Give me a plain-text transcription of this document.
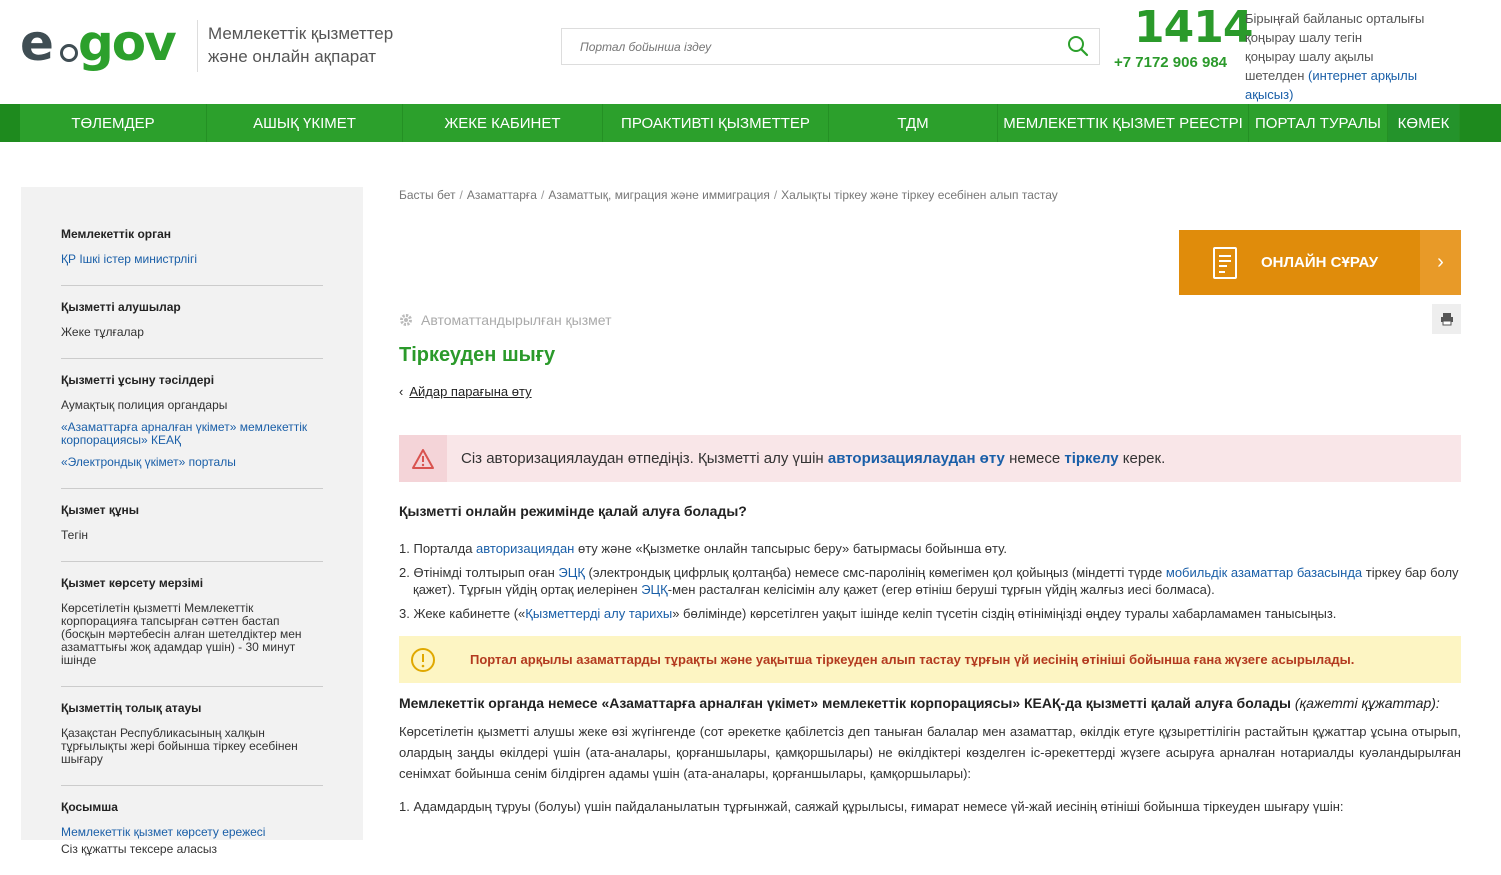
e gov Мемлекеттік қызметтер
және онлайн ақпарат
Портал бойынша іздеу
1414
+7 7172 906 984
Бірыңғай байланыс орталығы
қоңырау шалу тегін
қоңырау шалу ақылы
шетелден (интернет арқылы ақысыз)
ТӨЛЕМДЕР	АШЫҚ ҮКІМЕТ	ЖЕКЕ КАБИНЕТ	ПРОАКТИВТІ ҚЫЗМЕТТЕР	ТДМ	МЕМЛЕКЕТТІК ҚЫЗМЕТ РЕЕСТРІ ПОРТАЛ ТУРАЛЫ	КӨМЕК
Мемлекеттік орган
ҚР Ішкі істер министрлігі
Қызметті алушылар
Жеке тұлғалар
Қызметті ұсыну тәсілдері
Аумақтық полиция органдары
«Азаматтарға арналған үкімет» мемлекеттік корпорациясы» КЕАҚ
«Электрондық үкімет» порталы
Қызмет құны
Тегін
Қызмет көрсету мерзімі
Көрсетілетін қызметті Мемлекеттік корпорацияға тапсырған сәттен бастап (босқын мәртебесін алған шетелдіктер мен азаматтығы жоқ адамдар үшін) - 30 минут ішінде
Қызметтің толық атауы
Қазақстан Республикасының халқын тұрғылықты жері бойынша тіркеу есебінен шығару
Қосымша
Мемлекеттік қызмет көрсету ережесі
Сіз құжатты тексере аласыз
Басты бет / Азаматтарға / Азаматтық, миграция және иммиграция / Халықты тіркеу және тіркеу есебінен алып тастау
ОНЛАЙН СҰРАУ	›
Автоматтандырылған қызмет
Тіркеуден шығу
‹ Айдар парағына өту
Сіз авторизациялаудан өтпедіңіз. Қызметті алу үшін авторизациялаудан өту немесе тіркелу керек.
Қызметті онлайн режимінде қалай алуға болады?
1. Порталда авторизациядан өту және «Қызметке онлайн тапсырыс беру» батырмасы бойынша өту.
2. Өтінімді толтырып оған ЭЦҚ (электрондық цифрлық қолтаңба) немесе смс-паролінің көмегімен қол қойыңыз (міндетті түрде мобильдік азаматтар базасында тіркеу бар болу қажет). Тұрғын үйдің ортақ иелерінен ЭЦҚ-мен расталған келісімін алу қажет (егер өтініш беруші тұрғын үйдің жалғыз иесі болмаса).
3. Жеке кабинетте («Қызметтерді алу тарихы» бөлімінде) көрсетілген уақыт ішінде келіп түсетін сіздің өтініміңізді өңдеу туралы хабарламамен танысыңыз.
Портал арқылы азаматтарды тұрақты және уақытша тіркеуден алып тастау тұрғын үй иесінің өтініші бойынша ғана жүзеге асырылады.
Мемлекеттік органда немесе «Азаматтарға арналған үкімет» мемлекеттік корпорациясы» КЕАҚ-да қызметті қалай алуға болады (қажетті құжаттар):
Көрсетілетін қызметті алушы жеке өзі жүгінгенде (сот әрекетке қабілетсіз деп таныған балалар мен азаматтар, өкілдік етуге құзыреттілігін растайтын құжаттар ұсына отырып, олардың заңды өкілдері үшін (ата-аналары, қорғаншылары, қамқоршылары) не өкілдіктері көзделген іс-әрекеттерді жүзеге асыруға арналған нотариалды куәландырылған сенімхат бойынша сенім білдірген адамы үшін (ата-аналары, қорғаншылары, қамқоршылары):
1. Адамдардың тұруы (болуы) үшін пайдаланылатын тұрғынжай, саяжай құрылысы, ғимарат немесе үй-жай иесінің өтініші бойынша тіркеуден шығару үшін:
